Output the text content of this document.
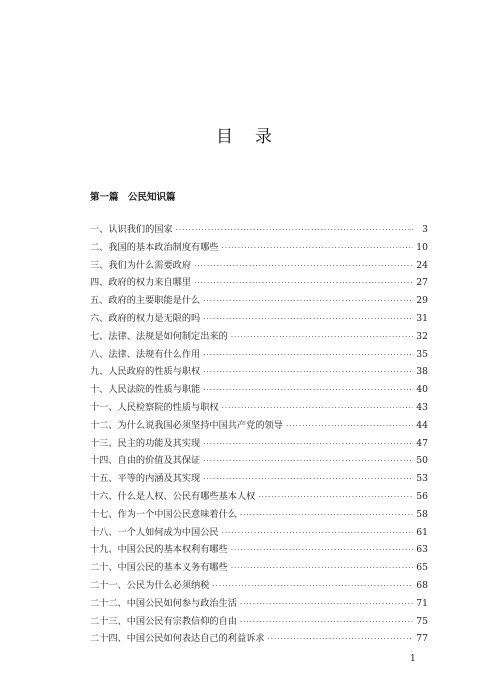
目录
第一篇　公民知识篇
一、认识我们的国家 ·····	3
二、我国的基本政治制度有哪些 ·····	10
三、我们为什么需要政府 ·····	24
四、政府的权力来自哪里 ·····	27
五、政府的主要职能是什么 ·····	29
六、政府的权力是无限的吗 ·····	31
七、法律、法规是如何制定出来的 ·····	32
八、法律、法规有什么作用 ·····	35
九、人民政府的性质与职权 ·····	38
十、人民法院的性质与职能 ·····	40
十一、人民检察院的性质与职权 ·····	43
十二、为什么说我国必须坚持中国共产党的领导 ·····	44
十三、民主的功能及其实现 ·····	47
十四、自由的价值及其保证 ·····	50
十五、平等的内涵及其实现 ·····	53
十六、什么是人权、公民有哪些基本人权 ·····	56
十七、作为一个中国公民意味着什么 ·····	58
十八、一个人如何成为中国公民 ·····	61
十九、中国公民的基本权利有哪些 ·····	63
二十、中国公民的基本义务有哪些 ·····	65
二十一、公民为什么必须纳税 ·····	68
二十二、中国公民如何参与政治生活 ·····	71
二十三、中国公民有宗教信仰的自由 ·····	75
二十四、中国公民如何表达自己的利益诉求 ·····	77
1
